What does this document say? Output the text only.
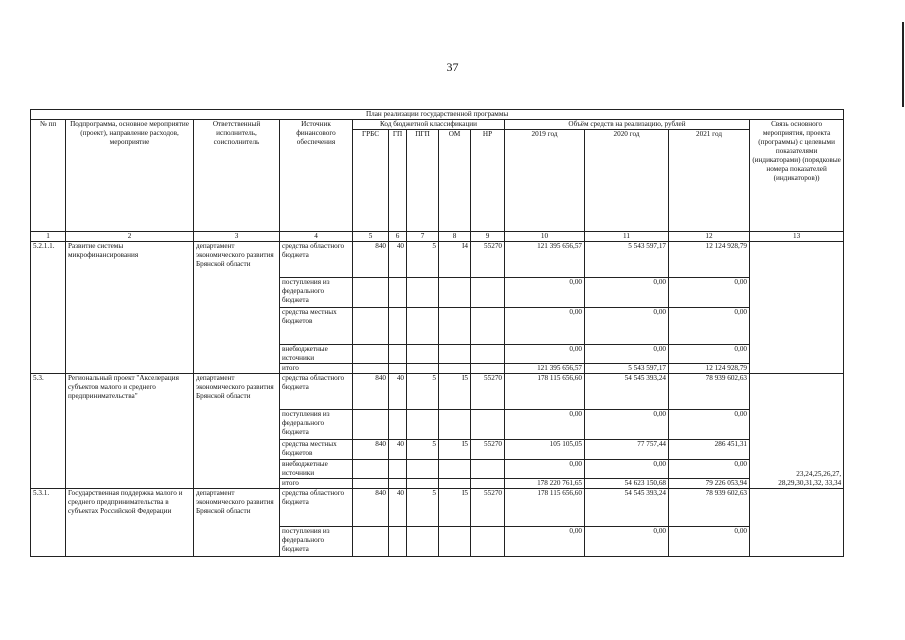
37
План реализации государственной программы												
№ пп	Подпрограмма, основное мероприятие (проект), направление расходов, мероприятие	Ответственный исполнитель, соисполнитель	Источник финансового обеспечения	Код бюджетной классификации					Объём средств на реализацию, рублей			Связь основного мероприятия, проекта (программы) с целевыми показателями (индикаторами) (порядковые номера показателей (индикаторов))
				ГРБС	ГП	ПГП	ОМ	НР	2019 год	2020 год	2021 год	
1	2	3	4	5	6	7	8	9	10	11	12	13
5.2.1.1.	Развитие системы микрофинансирования	департамент экономического развития Брянской области	средства областного бюджета	840	40	5	I4	55270	121 395 656,57	5 543 597,17	12 124 928,79	
			поступления из федерального бюджета						0,00	0,00	0,00	
			средства местных бюджетов						0,00	0,00	0,00	
			внебюджетные источники						0,00	0,00	0,00	
			итого						121 395 656,57	5 543 597,17	12 124 928,79	
5.3.	Региональный проект "Акселерация субъектов малого и среднего предпринимательства"	департамент экономического развития Брянской области	средства областного бюджета	840	40	5	I5	55270	178 115 656,60	54 545 393,24	78 939 602,63	23,24,25,26,27, 28,29,30,31,32, 33,34
			поступления из федерального бюджета						0,00	0,00	0,00	
			средства местных бюджетов	840	40	5	I5	55270	105 105,05	77 757,44	286 451,31	
			внебюджетные источники						0,00	0,00	0,00	
			итого						178 220 761,65	54 623 150,68	79 226 053,94	
5.3.1.	Государственная поддержка малого и среднего предпринимательства в субъектах Российской Федерации	департамент экономического развития Брянской области	средства областного бюджета	840	40	5	I5	55270	178 115 656,60	54 545 393,24	78 939 602,63	
			поступления из федерального бюджета						0,00	0,00	0,00	
